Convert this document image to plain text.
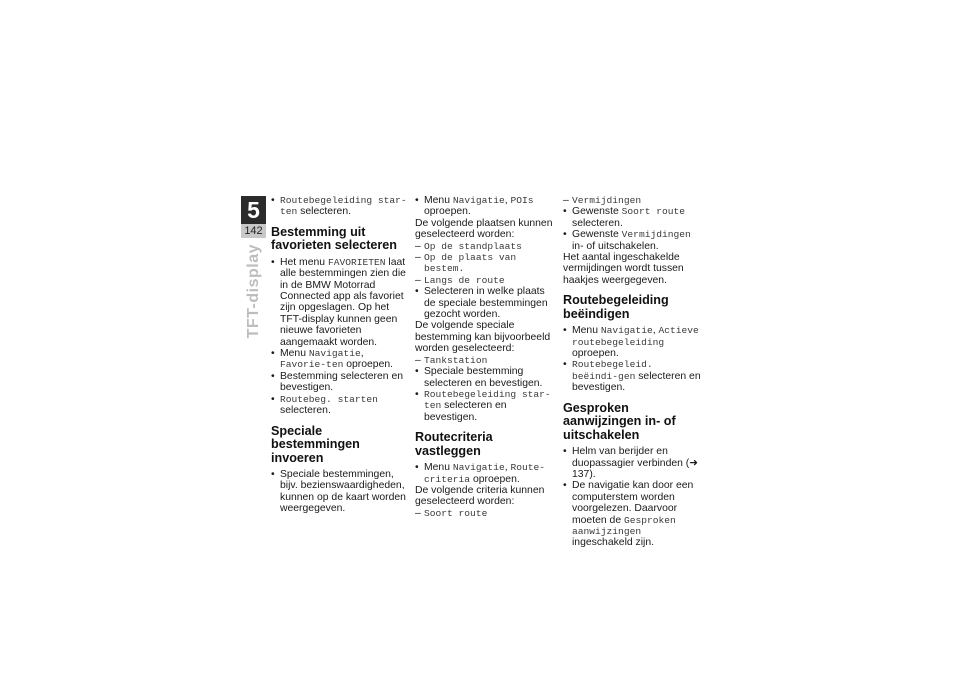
5
142
TFT-display

• Routebegeleiding star-ten selecteren.

Bestemming uit favorieten selecteren

• Het menu FAVORIETEN laat alle bestemmingen zien die in de BMW Motorrad Connected app als favoriet zijn opgeslagen. Op het TFT-display kunnen geen nieuwe favorieten aangemaakt worden.

• Menu Navigatie, Favorie-ten oproepen.

• Bestemming selecteren en bevestigen.

• Routebeg. starten selecteren.

Speciale bestemmingen invoeren

• Speciale bestemmingen, bijv. bezienswaardigheden, kunnen op de kaart worden weergegeven.

• Menu Navigatie, POIs oproepen.

De volgende plaatsen kunnen geselecteerd worden:

– Op de standplaats

– Op de plaats van bestem.

– Langs de route

• Selecteren in welke plaats de speciale bestemmingen gezocht worden.

De volgende speciale bestemming kan bijvoorbeeld worden geselecteerd:

– Tankstation

• Speciale bestemming selecteren en bevestigen.

• Routebegeleiding star-ten selecteren en bevestigen.

Routecriteria vastleggen

• Menu Navigatie, Route-criteria oproepen.

De volgende criteria kunnen geselecteerd worden:

– Soort route

– Vermijdingen

• Gewenste Soort route selecteren.

• Gewenste Vermijdingen in- of uitschakelen.

Het aantal ingeschakelde vermijdingen wordt tussen haakjes weergegeven.

Routebegeleiding beëindigen

• Menu Navigatie, Actieve routebegeleiding oproepen.

• Routebegeleid. beëindi-gen selecteren en bevestigen.

Gesproken aanwijzingen in- of uitschakelen

• Helm van berijder en duopassagier verbinden (➜ 137).

• De navigatie kan door een computerstem worden voorgelezen. Daarvoor moeten de Gesproken aanwijzingen ingeschakeld zijn.
